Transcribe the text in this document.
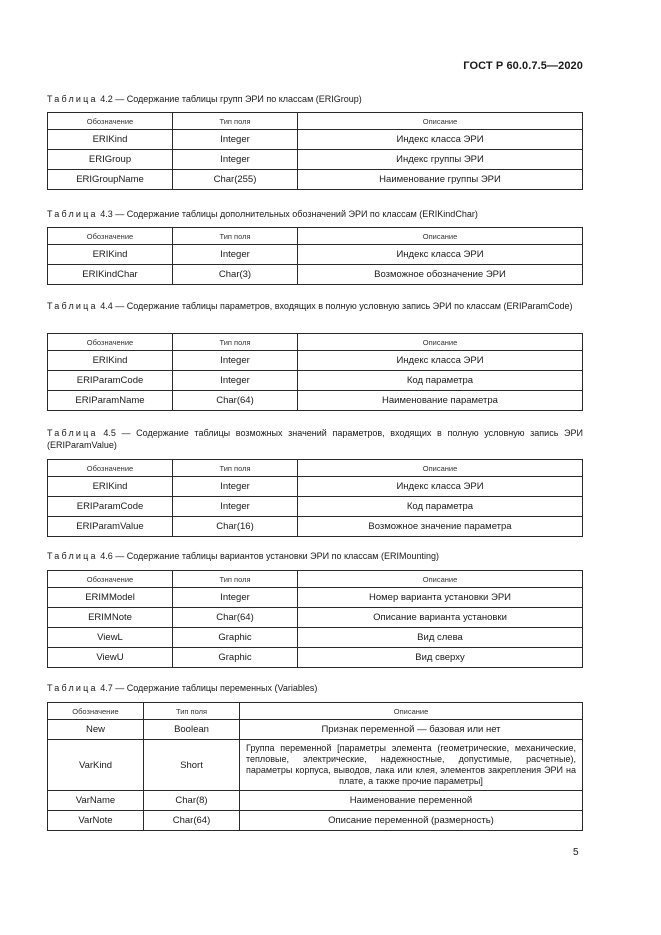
ГОСТ Р 60.0.7.5—2020
Таблица 4.2 — Содержание таблицы групп ЭРИ по классам (ERIGroup)
Обозначение	Тип поля	Описание
ERIKind	Integer	Индекс класса ЭРИ
ERIGroup	Integer	Индекс группы ЭРИ
ERIGroupName	Char(255)	Наименование группы ЭРИ
Таблица 4.3 — Содержание таблицы дополнительных обозначений ЭРИ по классам (ERIKindChar)
Обозначение	Тип поля	Описание
ERIKind	Integer	Индекс класса ЭРИ
ERIKindChar	Char(3)	Возможное обозначение ЭРИ
Таблица 4.4 — Содержание таблицы параметров, входящих в полную условную запись ЭРИ по классам (ERIParamCode)
Обозначение	Тип поля	Описание
ERIKind	Integer	Индекс класса ЭРИ
ERIParamCode	Integer	Код параметра
ERIParamName	Char(64)	Наименование параметра
Таблица 4.5 — Содержание таблицы возможных значений параметров, входящих в полную условную запись ЭРИ (ERIParamValue)
Обозначение	Тип поля	Описание
ERIKind	Integer	Индекс класса ЭРИ
ERIParamCode	Integer	Код параметра
ERIParamValue	Char(16)	Возможное значение параметра
Таблица 4.6 — Содержание таблицы вариантов установки ЭРИ по классам (ERIMounting)
Обозначение	Тип поля	Описание
ERIMModel	Integer	Номер варианта установки ЭРИ
ERIMNote	Char(64)	Описание варианта установки
ViewL	Graphic	Вид слева
ViewU	Graphic	Вид сверху
Таблица 4.7 — Содержание таблицы переменных (Variables)
Обозначение	Тип поля	Описание
New	Boolean	Признак переменной — базовая или нет
VarKind	Short	Группа переменной [параметры элемента (геометрические, механические, тепловые, электрические, надежностные, допустимые, расчетные), параметры корпуса, выводов, лака или клея, элементов закрепления ЭРИ на плате, а также прочие параметры]
VarName	Char(8)	Наименование переменной
VarNote	Char(64)	Описание переменной (размерность)
5
